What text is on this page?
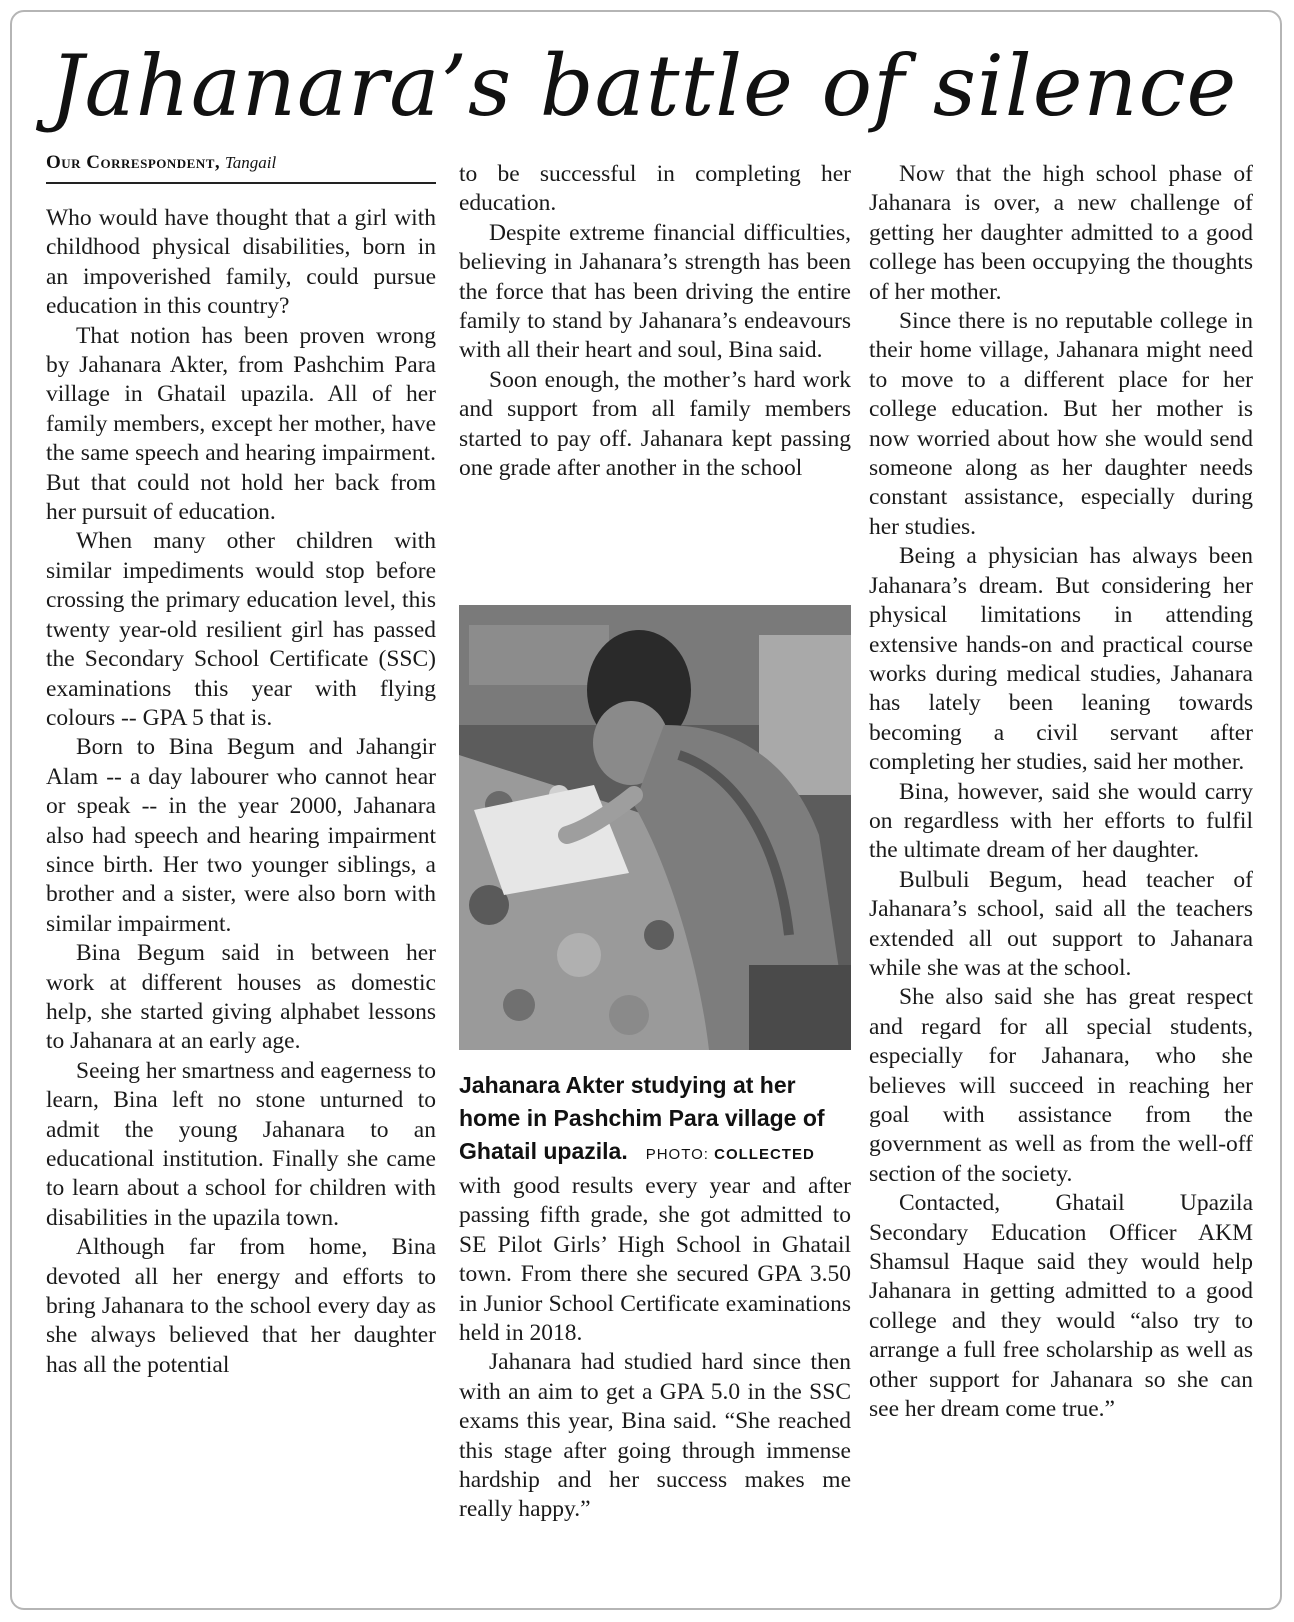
Jahanara’s battle of silence
Our Correspondent, Tangail

Who would have thought that a girl with childhood physical disabilities, born in an impoverished family, could pursue education in this country?

That notion has been proven wrong by Jahanara Akter, from Pashchim Para village in Ghatail upazila. All of her family members, except her mother, have the same speech and hearing impairment. But that could not hold her back from her pursuit of education.

When many other children with similar impediments would stop before crossing the primary education level, this twenty year-old resilient girl has passed the Secondary School Certificate (SSC) examinations this year with flying colours -- GPA 5 that is.

Born to Bina Begum and Jahangir Alam -- a day labourer who cannot hear or speak -- in the year 2000, Jahanara also had speech and hearing impairment since birth. Her two younger siblings, a brother and a sister, were also born with similar impairment.

Bina Begum said in between her work at different houses as domestic help, she started giving alphabet lessons to Jahanara at an early age.

Seeing her smartness and eagerness to learn, Bina left no stone unturned to admit the young Jahanara to an educational institution. Finally she came to learn about a school for children with disabilities in the upazila town.

Although far from home, Bina devoted all her energy and efforts to bring Jahanara to the school every day as she always believed that her daughter has all the potential

to be successful in completing her education.

Despite extreme financial difficulties, believing in Jahanara’s strength has been the force that has been driving the entire family to stand by Jahanara’s endeavours with all their heart and soul, Bina said.

Soon enough, the mother’s hard work and support from all family members started to pay off. Jahanara kept passing one grade after another in the school

Jahanara Akter studying at her home in Pashchim Para village of Ghatail upazila. PHOTO: COLLECTED

with good results every year and after passing fifth grade, she got admitted to SE Pilot Girls’ High School in Ghatail town. From there she secured GPA 3.50 in Junior School Certificate examinations held in 2018.

Jahanara had studied hard since then with an aim to get a GPA 5.0 in the SSC exams this year, Bina said. “She reached this stage after going through immense hardship and her success makes me really happy.”

Now that the high school phase of Jahanara is over, a new challenge of getting her daughter admitted to a good college has been occupying the thoughts of her mother.

Since there is no reputable college in their home village, Jahanara might need to move to a different place for her college education. But her mother is now worried about how she would send someone along as her daughter needs constant assistance, especially during her studies.

Being a physician has always been Jahanara’s dream. But considering her physical limitations in attending extensive hands-on and practical course works during medical studies, Jahanara has lately been leaning towards becoming a civil servant after completing her studies, said her mother.

Bina, however, said she would carry on regardless with her efforts to fulfil the ultimate dream of her daughter.

Bulbuli Begum, head teacher of Jahanara’s school, said all the teachers extended all out support to Jahanara while she was at the school.

She also said she has great respect and regard for all special students, especially for Jahanara, who she believes will succeed in reaching her goal with assistance from the government as well as from the well-off section of the society.

Contacted, Ghatail Upazila Secondary Education Officer AKM Shamsul Haque said they would help Jahanara in getting admitted to a good college and they would “also try to arrange a full free scholarship as well as other support for Jahanara so she can see her dream come true.”
